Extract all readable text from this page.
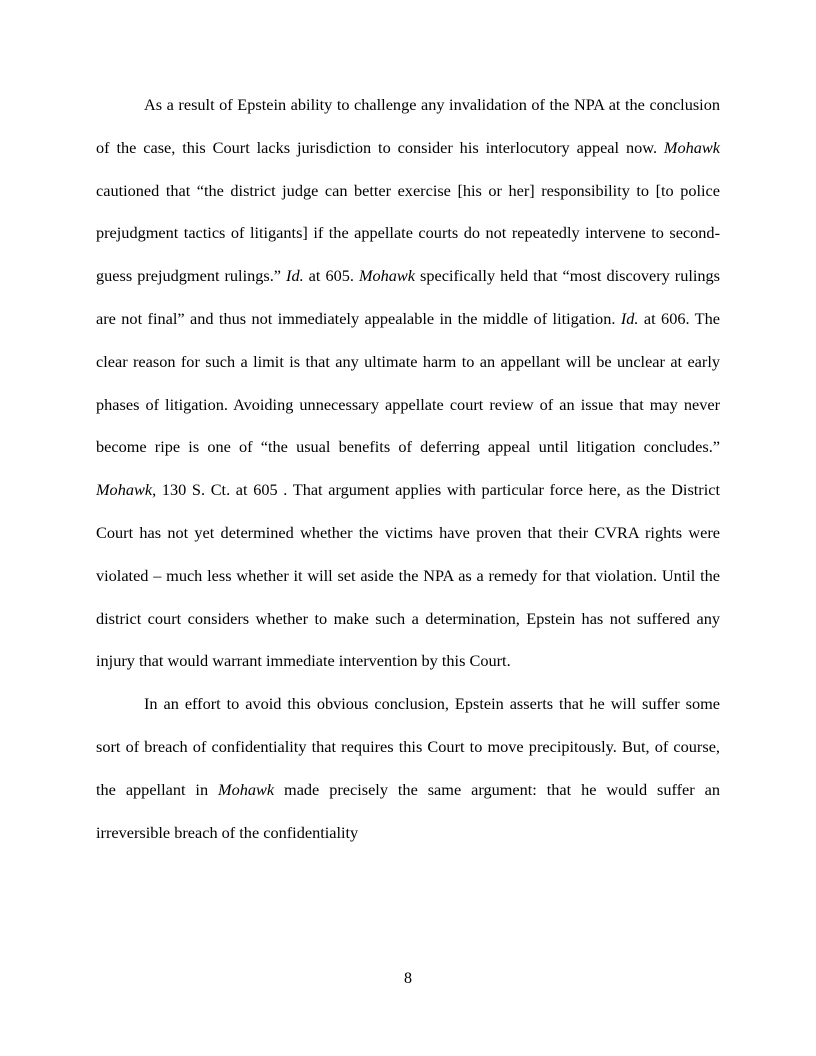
As a result of Epstein ability to challenge any invalidation of the NPA at the conclusion of the case, this Court lacks jurisdiction to consider his interlocutory appeal now. Mohawk cautioned that “the district judge can better exercise [his or her] responsibility to [to police prejudgment tactics of litigants] if the appellate courts do not repeatedly intervene to second-guess prejudgment rulings.” Id. at 605. Mohawk specifically held that “most discovery rulings are not final” and thus not immediately appealable in the middle of litigation. Id. at 606. The clear reason for such a limit is that any ultimate harm to an appellant will be unclear at early phases of litigation. Avoiding unnecessary appellate court review of an issue that may never become ripe is one of “the usual benefits of deferring appeal until litigation concludes.” Mohawk, 130 S. Ct. at 605 . That argument applies with particular force here, as the District Court has not yet determined whether the victims have proven that their CVRA rights were violated – much less whether it will set aside the NPA as a remedy for that violation. Until the district court considers whether to make such a determination, Epstein has not suffered any injury that would warrant immediate intervention by this Court.

In an effort to avoid this obvious conclusion, Epstein asserts that he will suffer some sort of breach of confidentiality that requires this Court to move precipitously. But, of course, the appellant in Mohawk made precisely the same argument: that he would suffer an irreversible breach of the confidentiality

8
